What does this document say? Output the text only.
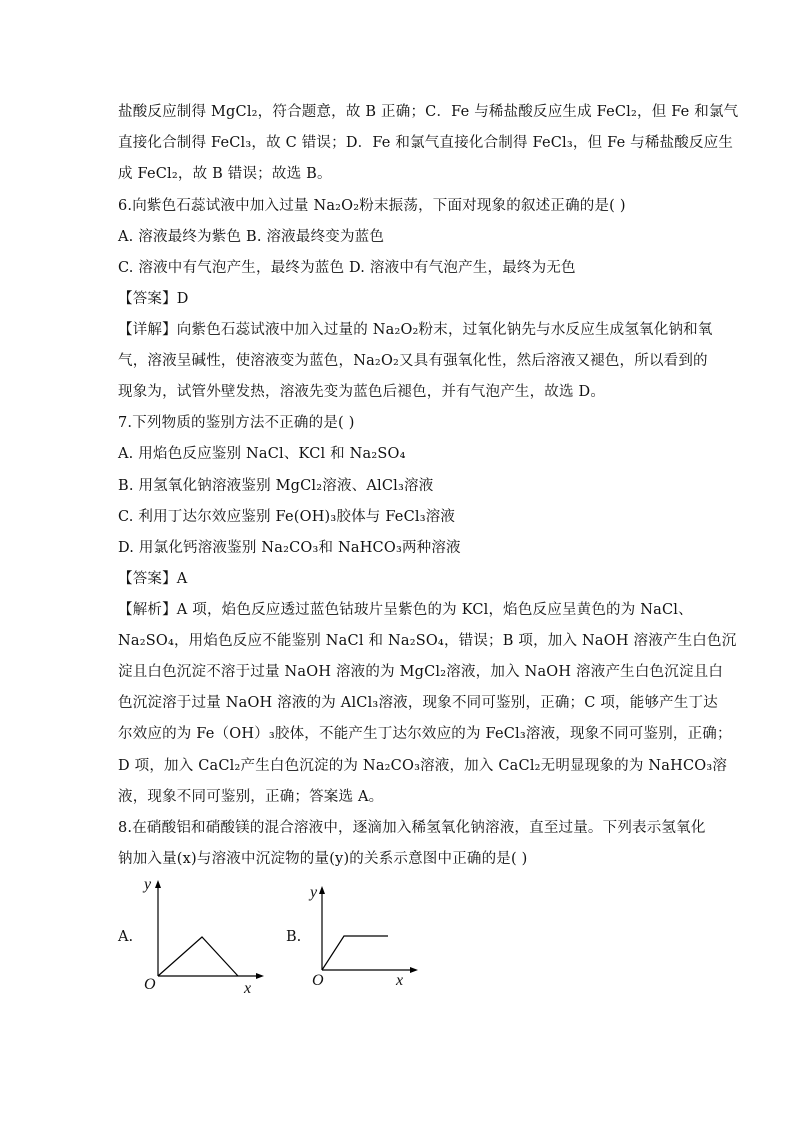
盐酸反应制得 MgCl₂，符合题意，故 B 正确；C．Fe 与稀盐酸反应生成 FeCl₂，但 Fe 和氯气
直接化合制得 FeCl₃，故 C 错误；D．Fe 和氯气直接化合制得 FeCl₃，但 Fe 与稀盐酸反应生
成 FeCl₂，故 B 错误；故选 B。
6.向紫色石蕊试液中加入过量 Na₂O₂粉末振荡，下面对现象的叙述正确的是( )
A. 溶液最终为紫色 B. 溶液最终变为蓝色
C. 溶液中有气泡产生，最终为蓝色 D. 溶液中有气泡产生，最终为无色
【答案】D
【详解】向紫色石蕊试液中加入过量的 Na₂O₂粉末，过氧化钠先与水反应生成氢氧化钠和氧
气，溶液呈碱性，使溶液变为蓝色，Na₂O₂又具有强氧化性，然后溶液又褪色，所以看到的
现象为，试管外壁发热，溶液先变为蓝色后褪色，并有气泡产生，故选 D。
7.下列物质的鉴别方法不正确的是( )
A. 用焰色反应鉴别 NaCl、KCl 和 Na₂SO₄
B. 用氢氧化钠溶液鉴别 MgCl₂溶液、AlCl₃溶液
C. 利用丁达尔效应鉴别 Fe(OH)₃胶体与 FeCl₃溶液
D. 用氯化钙溶液鉴别 Na₂CO₃和 NaHCO₃两种溶液
【答案】A
【解析】A 项，焰色反应透过蓝色钴玻片呈紫色的为 KCl，焰色反应呈黄色的为 NaCl、
Na₂SO₄，用焰色反应不能鉴别 NaCl 和 Na₂SO₄，错误；B 项，加入 NaOH 溶液产生白色沉
淀且白色沉淀不溶于过量 NaOH 溶液的为 MgCl₂溶液，加入 NaOH 溶液产生白色沉淀且白
色沉淀溶于过量 NaOH 溶液的为 AlCl₃溶液，现象不同可鉴别，正确；C 项，能够产生丁达
尔效应的为 Fe（OH）₃胶体，不能产生丁达尔效应的为 FeCl₃溶液，现象不同可鉴别，正确；
D 项，加入 CaCl₂产生白色沉淀的为 Na₂CO₃溶液，加入 CaCl₂无明显现象的为 NaHCO₃溶
液，现象不同可鉴别，正确；答案选 A。
8.在硝酸铝和硝酸镁的混合溶液中，逐滴加入稀氢氧化钠溶液，直至过量。下列表示氢氧化
钠加入量(x)与溶液中沉淀物的量(y)的关系示意图中正确的是( )
A.
y
O	x
B.
y
O	x
